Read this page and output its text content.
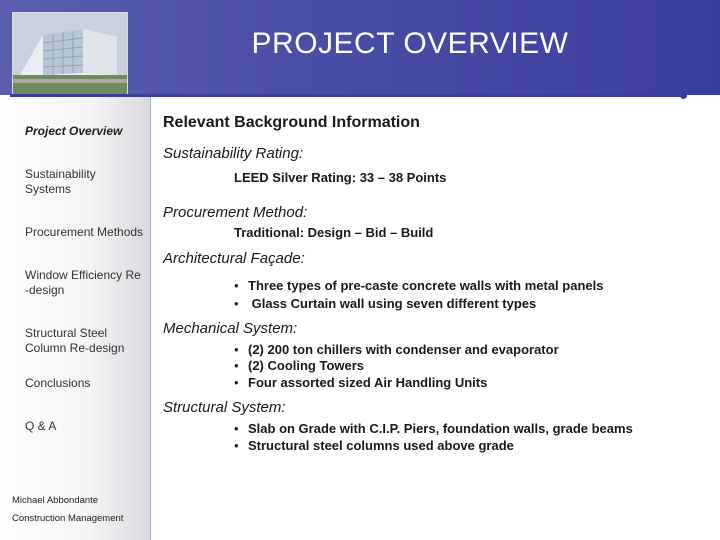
PROJECT OVERVIEW
Project Overview
Sustainability Systems
Procurement Methods
Window Efficiency Re -design
Structural Steel Column Re-design
Conclusions
Q & A
Michael Abbondante
Construction Management
Relevant Background Information
Sustainability Rating:
LEED Silver Rating: 33 – 38 Points
Procurement Method:
Traditional: Design – Bid – Build
Architectural Façade:
• Three types of pre-caste concrete walls with metal panels
• Glass Curtain wall using seven different types
Mechanical System:
• (2) 200 ton chillers with condenser and evaporator
• (2) Cooling Towers
• Four assorted sized Air Handling Units
Structural System:
• Slab on Grade with C.I.P. Piers, foundation walls, grade beams
• Structural steel columns used above grade
